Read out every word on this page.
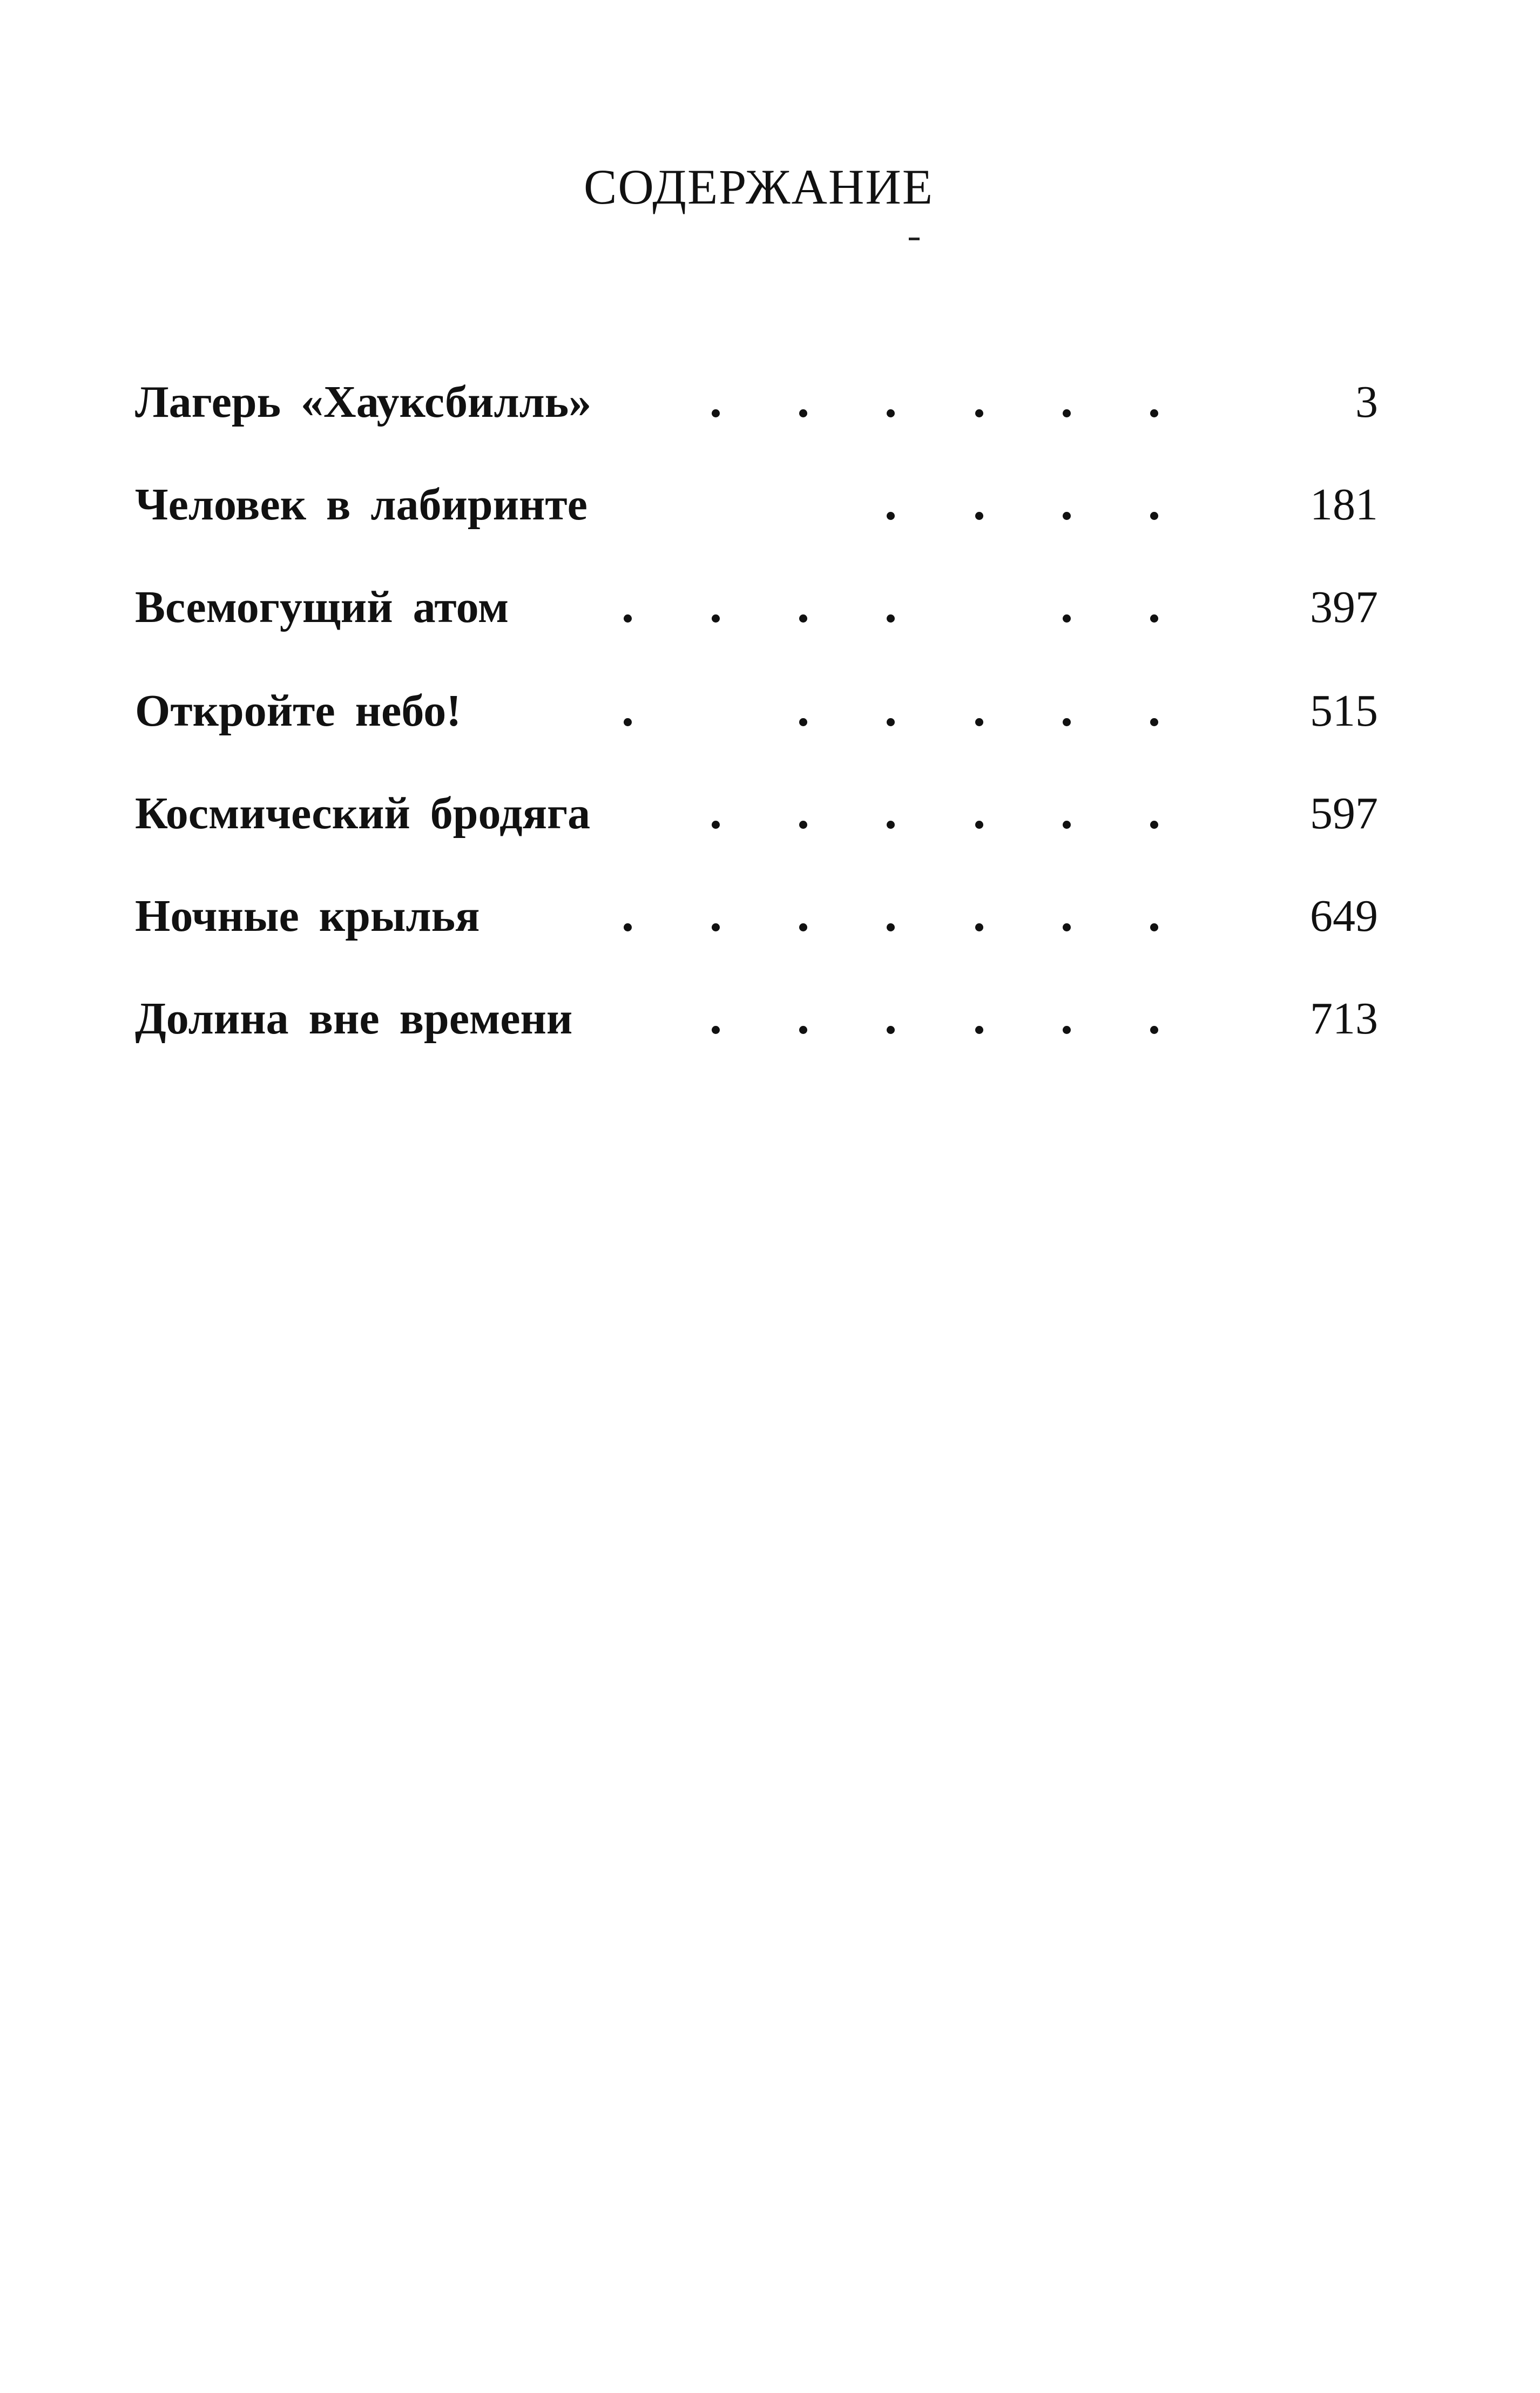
СОДЕРЖАНИЕ
Лагерь «Хауксбилль»	3
Человек в лабиринте	181
Всемогущий атом	397
Откройте небо!	515
Космический бродяга	597
Ночные крылья	649
Долина вне времени	713
